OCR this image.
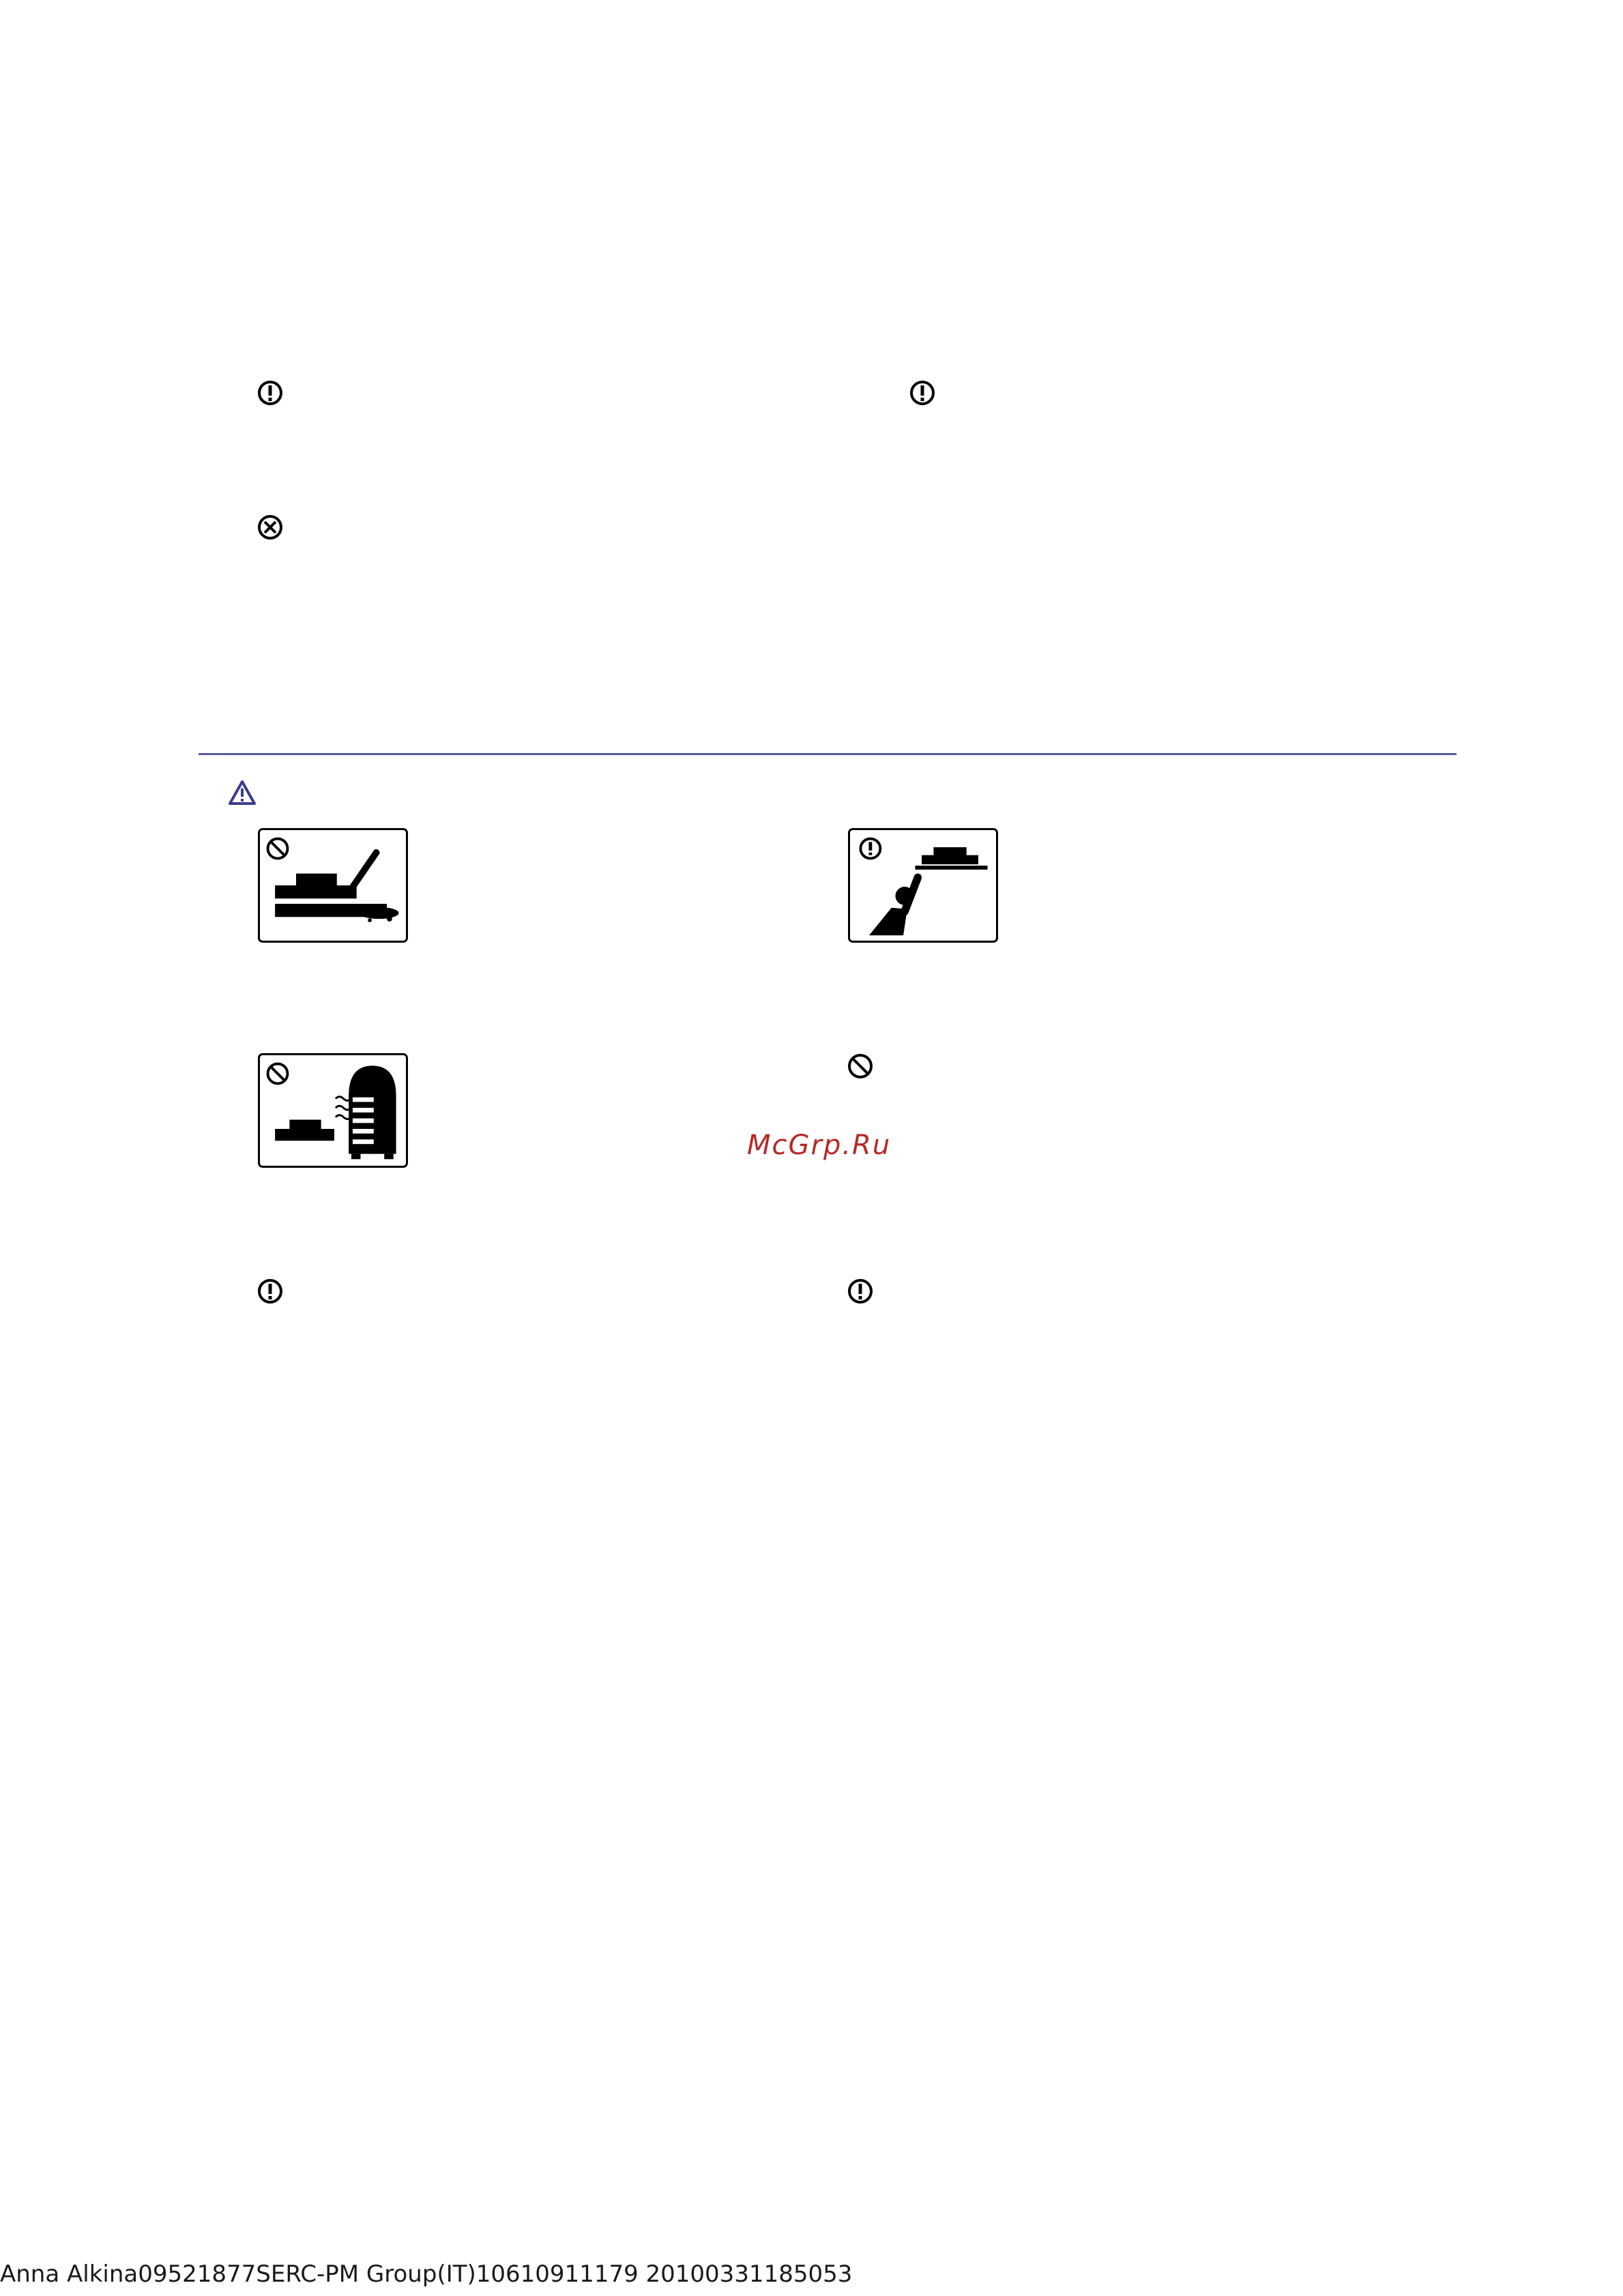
McGrp.Ru
Anna Alkina09521877SERC-PM Group(IT)10610911179 20100331185053
